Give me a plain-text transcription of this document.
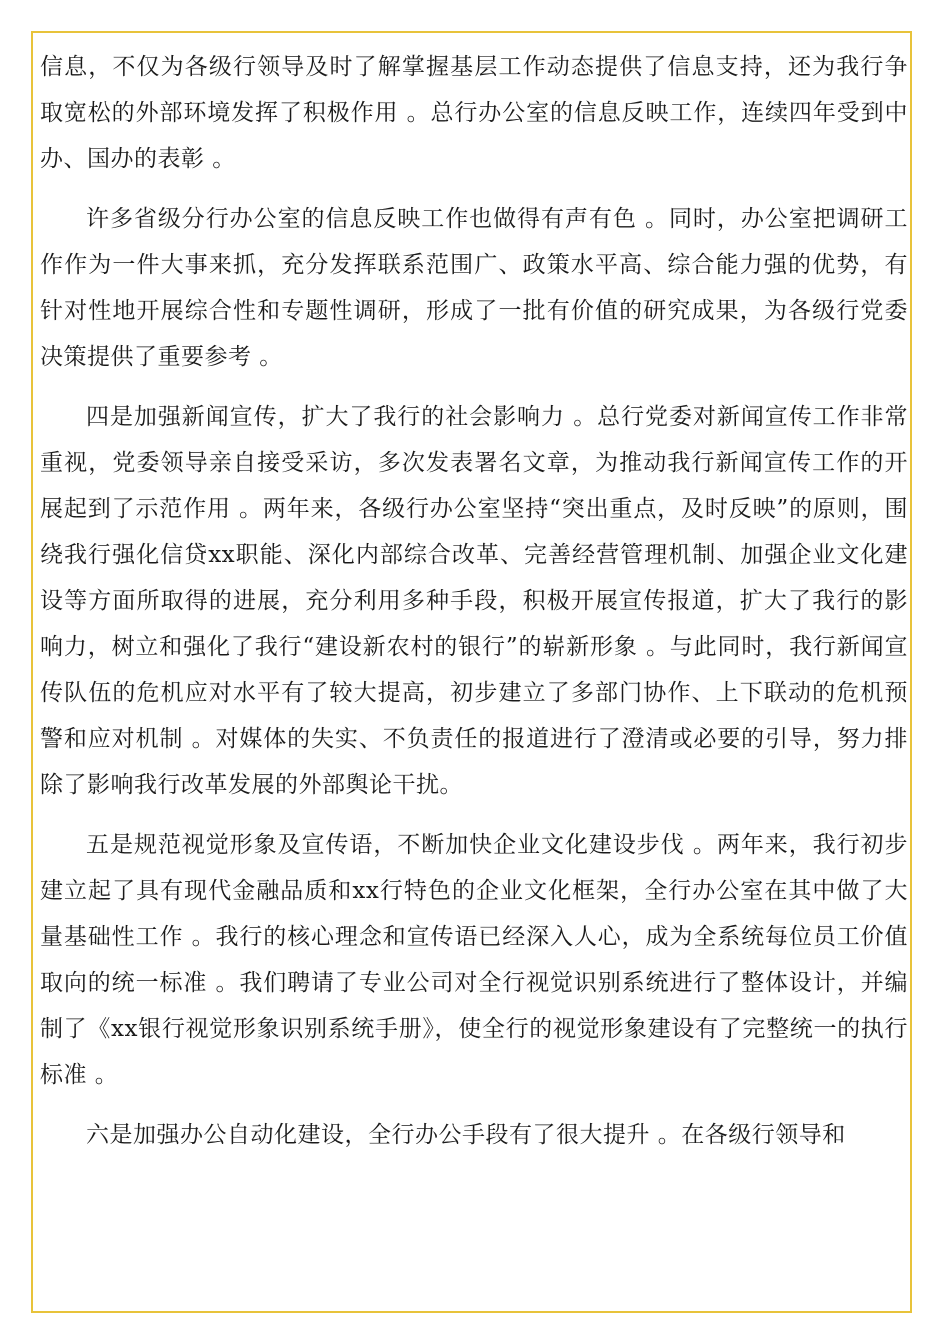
信息，不仅为各级行领导及时了解掌握基层工作动态提供了信息支持，还为我行争取宽松的外部环境发挥了积极作用 。总行办公室的信息反映工作，连续四年受到中办、国办的表彰 。

许多省级分行办公室的信息反映工作也做得有声有色 。同时，办公室把调研工作作为一件大事来抓，充分发挥联系范围广、政策水平高、综合能力强的优势，有针对性地开展综合性和专题性调研，形成了一批有价值的研究成果，为各级行党委决策提供了重要参考 。

四是加强新闻宣传，扩大了我行的社会影响力 。总行党委对新闻宣传工作非常重视，党委领导亲自接受采访，多次发表署名文章，为推动我行新闻宣传工作的开展起到了示范作用 。两年来，各级行办公室坚持“突出重点，及时反映”的原则，围绕我行强化信贷xx职能、深化内部综合改革、完善经营管理机制、加强企业文化建设等方面所取得的进展，充分利用多种手段，积极开展宣传报道，扩大了我行的影响力，树立和强化了我行“建设新农村的银行”的崭新形象 。与此同时，我行新闻宣传队伍的危机应对水平有了较大提高，初步建立了多部门协作、上下联动的危机预警和应对机制 。对媒体的失实、不负责任的报道进行了澄清或必要的引导，努力排除了影响我行改革发展的外部舆论干扰。

五是规范视觉形象及宣传语，不断加快企业文化建设步伐 。两年来，我行初步建立起了具有现代金融品质和xx行特色的企业文化框架，全行办公室在其中做了大量基础性工作 。我行的核心理念和宣传语已经深入人心，成为全系统每位员工价值取向的统一标准 。我们聘请了专业公司对全行视觉识别系统进行了整体设计，并编制了《xx银行视觉形象识别系统手册》，使全行的视觉形象建设有了完整统一的执行标准 。

六是加强办公自动化建设，全行办公手段有了很大提升 。在各级行领导和
